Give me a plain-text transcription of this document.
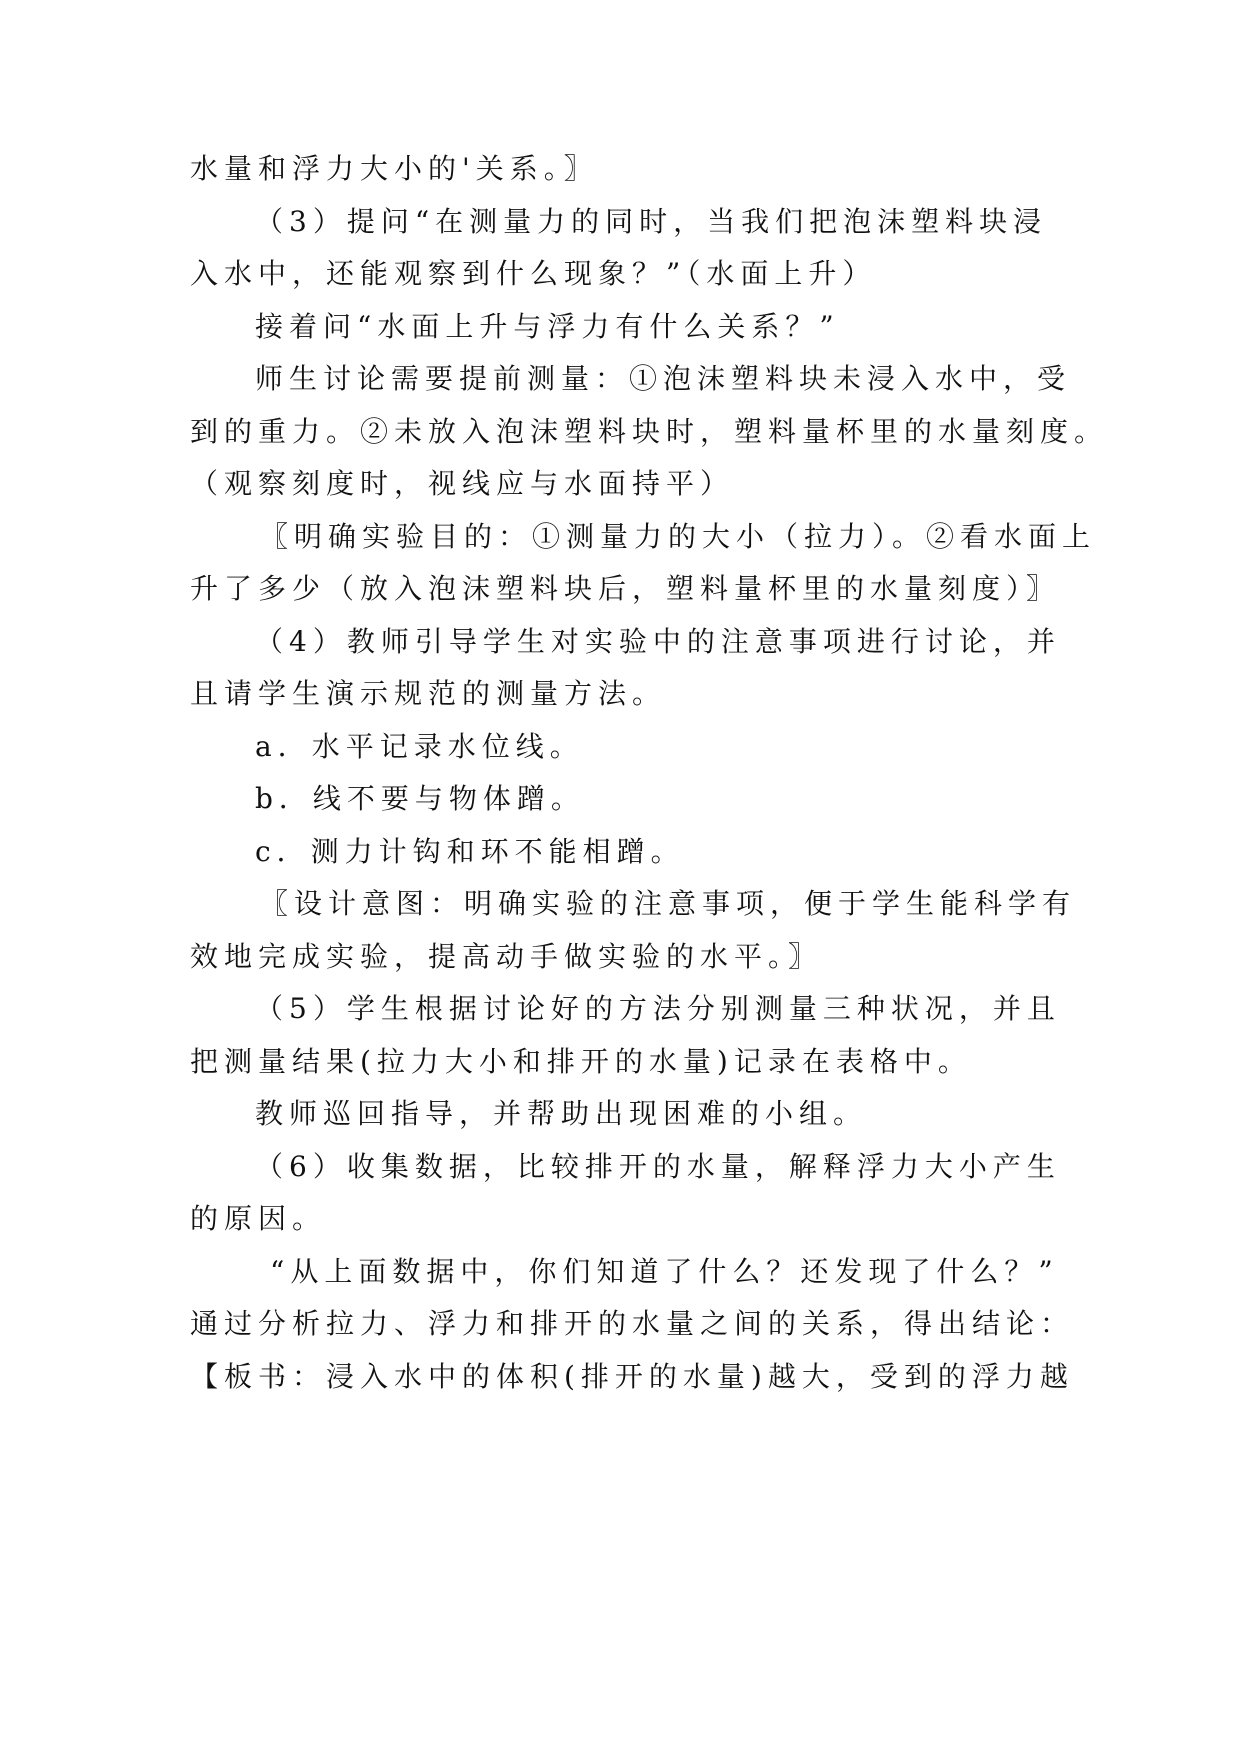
水量和浮力大小的'关系。〗
（3）提问“在测量力的同时，当我们把泡沫塑料块浸
入水中，还能观察到什么现象？”（水面上升）
接着问“水面上升与浮力有什么关系？”
师生讨论需要提前测量：①泡沫塑料块未浸入水中，受
到的重力。②未放入泡沫塑料块时，塑料量杯里的水量刻度。
（观察刻度时，视线应与水面持平）
〖明确实验目的：①测量力的大小（拉力）。②看水面上
升了多少（放入泡沫塑料块后，塑料量杯里的水量刻度）〗
（4）教师引导学生对实验中的注意事项进行讨论，并
且请学生演示规范的测量方法。
a．水平记录水位线。
b．线不要与物体蹭。
c．测力计钩和环不能相蹭。
〖设计意图：明确实验的注意事项，便于学生能科学有
效地完成实验，提高动手做实验的水平。〗
（5）学生根据讨论好的方法分别测量三种状况，并且
把测量结果(拉力大小和排开的水量)记录在表格中。
教师巡回指导，并帮助出现困难的小组。
（6）收集数据，比较排开的水量，解释浮力大小产生
的原因。
“从上面数据中，你们知道了什么？还发现了什么？”
通过分析拉力、浮力和排开的水量之间的关系，得出结论：
【板书：浸入水中的体积(排开的水量)越大，受到的浮力越
